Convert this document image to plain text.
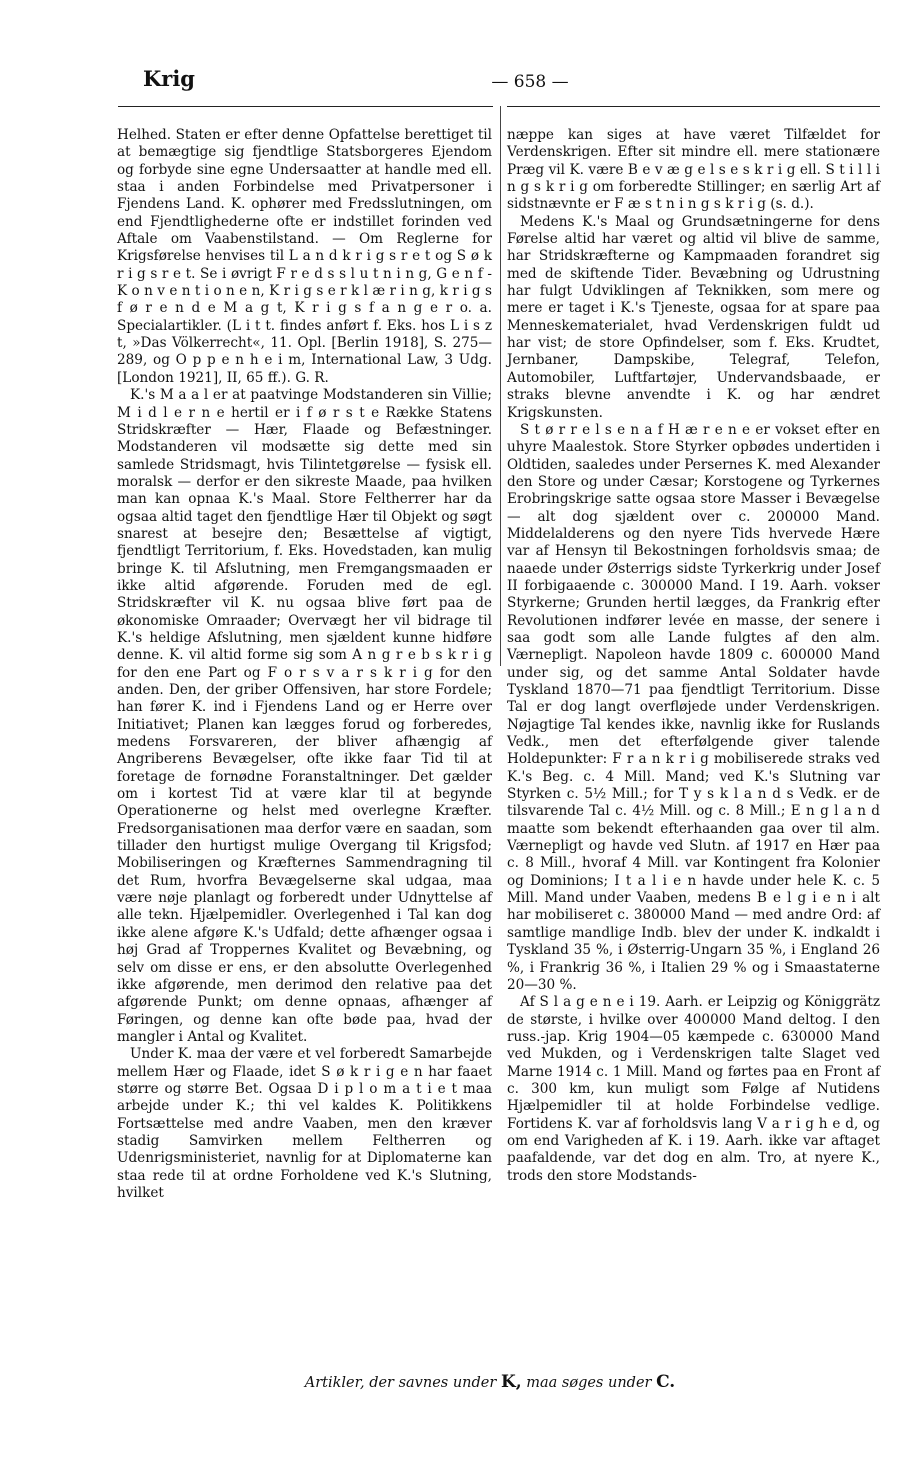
Krig	— 658 —

Helhed. Staten er efter denne Opfattelse berettiget til at bemægtige sig fjendtlige Statsborgeres Ejendom og forbyde sine egne Undersaatter at handle med ell. staa i anden Forbindelse med Privatpersoner i Fjendens Land. K. ophører med Fredsslutningen, om end Fjendtlighederne ofte er indstillet forinden ved Aftale om Vaabenstilstand. — Om Reglerne for Krigsførelse henvises til L a n d k r i g s r e t og S ø k r i g s r e t. Se i øvrigt F r e d s s l u t n i n g, G e n f - K o n v e n t i o n e n, K r i g s e r k l æ r i n g, k r i g s f ø r e n d e M a g t, K r i g s f a n g e r o. a. Specialartikler. (L i t t. findes anført f. Eks. hos L i s z t, »Das Völkerrecht«, 11. Opl. [Berlin 1918], S. 275—289, og O p p e n h e i m, International Law, 3 Udg. [London 1921], II, 65 ff.). G. R.

K.'s M a a l er at paatvinge Modstanderen sin Villie; M i d l e r n e hertil er i f ø r s t e Række Statens Stridskræfter — Hær, Flaade og Befæstninger. Modstanderen vil modsætte sig dette med sin samlede Stridsmagt, hvis Tilintetgørelse — fysisk ell. moralsk — derfor er den sikreste Maade, paa hvilken man kan opnaa K.'s Maal. Store Feltherrer har da ogsaa altid taget den fjendtlige Hær til Objekt og søgt snarest at besejre den; Besættelse af vigtigt, fjendtligt Territorium, f. Eks. Hovedstaden, kan mulig bringe K. til Afslutning, men Fremgangsmaaden er ikke altid afgørende. Foruden med de egl. Stridskræfter vil K. nu ogsaa blive ført paa de økonomiske Omraader; Overvægt her vil bidrage til K.'s heldige Afslutning, men sjældent kunne hidføre denne. K. vil altid forme sig som A n g r e b s k r i g for den ene Part og F o r s v a r s k r i g for den anden. Den, der griber Offensiven, har store Fordele; han fører K. ind i Fjendens Land og er Herre over Initiativet; Planen kan lægges forud og forberedes, medens Forsvareren, der bliver afhængig af Angriberens Bevægelser, ofte ikke faar Tid til at foretage de fornødne Foranstaltninger. Det gælder om i kortest Tid at være klar til at begynde Operationerne og helst med overlegne Kræfter. Fredsorganisationen maa derfor være en saadan, som tillader den hurtigst mulige Overgang til Krigsfod; Mobiliseringen og Kræfternes Sammendragning til det Rum, hvorfra Bevægelserne skal udgaa, maa være nøje planlagt og forberedt under Udnyttelse af alle tekn. Hjælpemidler. Overlegenhed i Tal kan dog ikke alene afgøre K.'s Udfald; dette afhænger ogsaa i høj Grad af Troppernes Kvalitet og Bevæbning, og selv om disse er ens, er den absolutte Overlegenhed ikke afgørende, men derimod den relative paa det afgørende Punkt; om denne opnaas, afhænger af Føringen, og denne kan ofte bøde paa, hvad der mangler i Antal og Kvalitet.

Under K. maa der være et vel forberedt Samarbejde mellem Hær og Flaade, idet S ø k r i g e n har faaet større og større Bet. Ogsaa D i p l o m a t i e t maa arbejde under K.; thi vel kaldes K. Politikkens Fortsættelse med andre Vaaben, men den kræver stadig Samvirken mellem Feltherren og Udenrigsministeriet, navnlig for at Diplomaterne kan staa rede til at ordne Forholdene ved K.'s Slutning, hvilket

næppe kan siges at have været Tilfældet for Verdenskrigen. Efter sit mindre ell. mere stationære Præg vil K. være B e v æ g e l s e s k r i g ell. S t i l l i n g s k r i g om forberedte Stillinger; en særlig Art af sidstnævnte er F æ s t n i n g s k r i g (s. d.).

Medens K.'s Maal og Grundsætningerne for dens Førelse altid har været og altid vil blive de samme, har Stridskræfterne og Kampmaaden forandret sig med de skiftende Tider. Bevæbning og Udrustning har fulgt Udviklingen af Teknikken, som mere og mere er taget i K.'s Tjeneste, ogsaa for at spare paa Menneskematerialet, hvad Verdenskrigen fuldt ud har vist; de store Opfindelser, som f. Eks. Krudtet, Jernbaner, Dampskibe, Telegraf, Telefon, Automobiler, Luftfartøjer, Undervandsbaade, er straks blevne anvendte i K. og har ændret Krigskunsten.

S t ø r r e l s e n a f H æ r e n e er vokset efter en uhyre Maalestok. Store Styrker opbødes undertiden i Oldtiden, saaledes under Persernes K. med Alexander den Store og under Cæsar; Korstogene og Tyrkernes Erobringskrige satte ogsaa store Masser i Bevægelse — alt dog sjældent over c. 200000 Mand. Middelalderens og den nyere Tids hvervede Hære var af Hensyn til Bekostningen forholdsvis smaa; de naaede under Østerrigs sidste Tyrkerkrig under Josef II forbigaaende c. 300000 Mand. I 19. Aarh. vokser Styrkerne; Grunden hertil lægges, da Frankrig efter Revolutionen indfører levée en masse, der senere i saa godt som alle Lande fulgtes af den alm. Værnepligt. Napoleon havde 1809 c. 600000 Mand under sig, og det samme Antal Soldater havde Tyskland 1870—71 paa fjendtligt Territorium. Disse Tal er dog langt overfløjede under Verdenskrigen. Nøjagtige Tal kendes ikke, navnlig ikke for Ruslands Vedk., men det efterfølgende giver talende Holdepunkter: F r a n k r i g mobiliserede straks ved K.'s Beg. c. 4 Mill. Mand; ved K.'s Slutning var Styrken c. 5½ Mill.; for T y s k l a n d s Vedk. er de tilsvarende Tal c. 4½ Mill. og c. 8 Mill.; E n g l a n d maatte som bekendt efterhaanden gaa over til alm. Værnepligt og havde ved Slutn. af 1917 en Hær paa c. 8 Mill., hvoraf 4 Mill. var Kontingent fra Kolonier og Dominions; I t a l i e n havde under hele K. c. 5 Mill. Mand under Vaaben, medens B e l g i e n i alt har mobiliseret c. 380000 Mand — med andre Ord: af samtlige mandlige Indb. blev der under K. indkaldt i Tyskland 35 %, i Østerrig-Ungarn 35 %, i England 26 %, i Frankrig 36 %, i Italien 29 % og i Smaastaterne 20—30 %.

Af S l a g e n e i 19. Aarh. er Leipzig og Königgrätz de største, i hvilke over 400000 Mand deltog. I den russ.-jap. Krig 1904—05 kæmpede c. 630000 Mand ved Mukden, og i Verdenskrigen talte Slaget ved Marne 1914 c. 1 Mill. Mand og førtes paa en Front af c. 300 km, kun muligt som Følge af Nutidens Hjælpemidler til at holde Forbindelse vedlige. Fortidens K. var af forholdsvis lang V a r i g h e d, og om end Varigheden af K. i 19. Aarh. ikke var aftaget paafaldende, var det dog en alm. Tro, at nyere K., trods den store Modstands-

Artikler, der savnes under K, maa søges under C.
